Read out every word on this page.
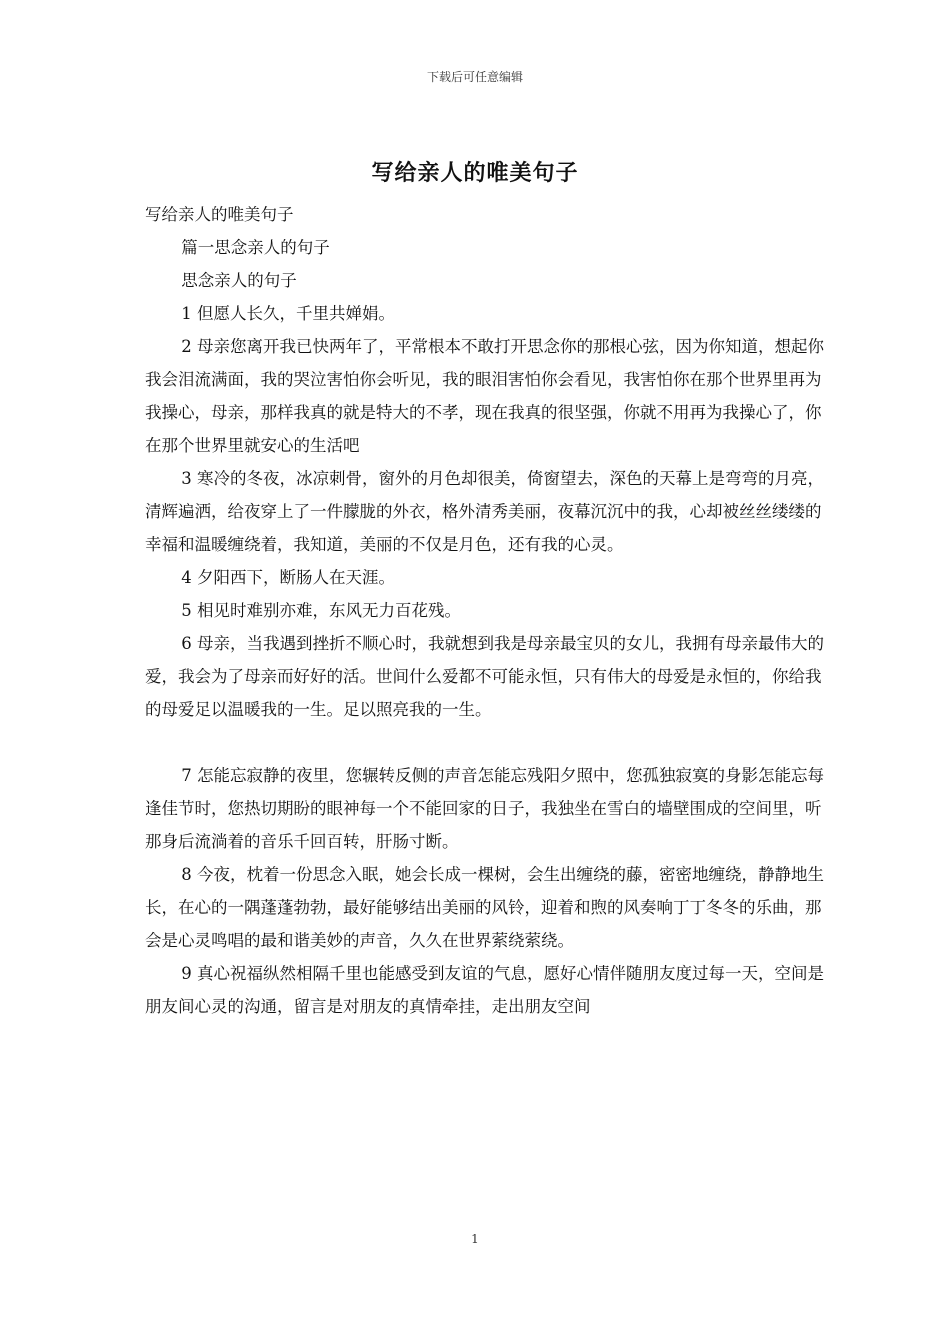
下载后可任意编辑
写给亲人的唯美句子

写给亲人的唯美句子

篇一思念亲人的句子

思念亲人的句子

1 但愿人长久，千里共婵娟。

2 母亲您离开我已快两年了，平常根本不敢打开思念你的那根心弦，因为你知道，想起你我会泪流满面，我的哭泣害怕你会听见，我的眼泪害怕你会看见，我害怕你在那个世界里再为我操心，母亲，那样我真的就是特大的不孝，现在我真的很坚强，你就不用再为我操心了，你在那个世界里就安心的生活吧

3 寒冷的冬夜，冰凉刺骨，窗外的月色却很美，倚窗望去，深色的天幕上是弯弯的月亮，清辉遍洒，给夜穿上了一件朦胧的外衣，格外清秀美丽，夜幕沉沉中的我，心却被丝丝缕缕的幸福和温暖缠绕着，我知道，美丽的不仅是月色，还有我的心灵。

4 夕阳西下，断肠人在天涯。

5 相见时难别亦难，东风无力百花残。

6 母亲，当我遇到挫折不顺心时，我就想到我是母亲最宝贝的女儿，我拥有母亲最伟大的爱，我会为了母亲而好好的活。世间什么爱都不可能永恒，只有伟大的母爱是永恒的，你给我的母爱足以温暖我的一生。足以照亮我的一生。

7 怎能忘寂静的夜里，您辗转反侧的声音怎能忘残阳夕照中，您孤独寂寞的身影怎能忘每逢佳节时，您热切期盼的眼神每一个不能回家的日子，我独坐在雪白的墙壁围成的空间里，听那身后流淌着的音乐千回百转，肝肠寸断。

8 今夜，枕着一份思念入眠，她会长成一棵树，会生出缠绕的藤，密密地缠绕，静静地生长，在心的一隅蓬蓬勃勃，最好能够结出美丽的风铃，迎着和煦的风奏响丁丁冬冬的乐曲，那会是心灵鸣唱的最和谐美妙的声音，久久在世界萦绕萦绕。

9 真心祝福纵然相隔千里也能感受到友谊的气息，愿好心情伴随朋友度过每一天，空间是朋友间心灵的沟通，留言是对朋友的真情牵挂，走出朋友空间

1
